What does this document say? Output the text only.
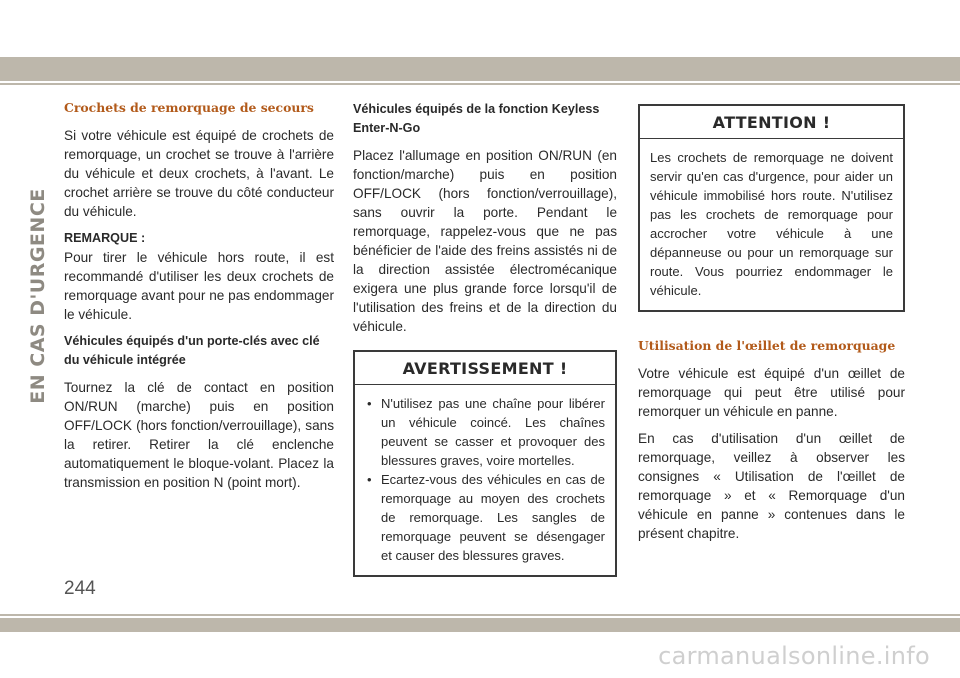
EN CAS D'URGENCE
Crochets de remorquage de secours

Si votre véhicule est équipé de crochets de remorquage, un crochet se trouve à l'arrière du véhicule et deux crochets, à l'avant. Le crochet arrière se trouve du côté conducteur du véhicule.

REMARQUE :

Pour tirer le véhicule hors route, il est recommandé d'utiliser les deux crochets de remorquage avant pour ne pas endommager le véhicule.

Véhicules équipés d'un porte-clés avec clé du véhicule intégrée

Tournez la clé de contact en position ON/RUN (marche) puis en position OFF/LOCK (hors fonction/verrouillage), sans la retirer. Retirer la clé enclenche automatiquement le bloque-volant. Placez la transmission en position N (point mort).

Véhicules équipés de la fonction Keyless Enter-N-Go

Placez l'allumage en position ON/RUN (en fonction/marche) puis en position OFF/LOCK (hors fonction/verrouillage), sans ouvrir la porte. Pendant le remorquage, rappelez-vous que ne pas bénéficier de l'aide des freins assistés ni de la direction assistée électromécanique exigera une plus grande force lorsqu'il de l'utilisation des freins et de la direction du véhicule.

AVERTISSEMENT !
• N'utilisez pas une chaîne pour libérer un véhicule coincé. Les chaînes peuvent se casser et provoquer des blessures graves, voire mortelles.
• Ecartez-vous des véhicules en cas de remorquage au moyen des crochets de remorquage. Les sangles de remorquage peuvent se désengager et causer des blessures graves.
ATTENTION !

Les crochets de remorquage ne doivent servir qu'en cas d'urgence, pour aider un véhicule immobilisé hors route. N'utilisez pas les crochets de remorquage pour accrocher votre véhicule à une dépanneuse ou pour un remorquage sur route. Vous pourriez endommager le véhicule.

Utilisation de l'œillet de remorquage

Votre véhicule est équipé d'un œillet de remorquage qui peut être utilisé pour remorquer un véhicule en panne.

En cas d'utilisation d'un œillet de remorquage, veillez à observer les consignes « Utilisation de l'œillet de remorquage » et « Remorquage d'un véhicule en panne » contenues dans le présent chapitre.

244
carmanualsonline.info
